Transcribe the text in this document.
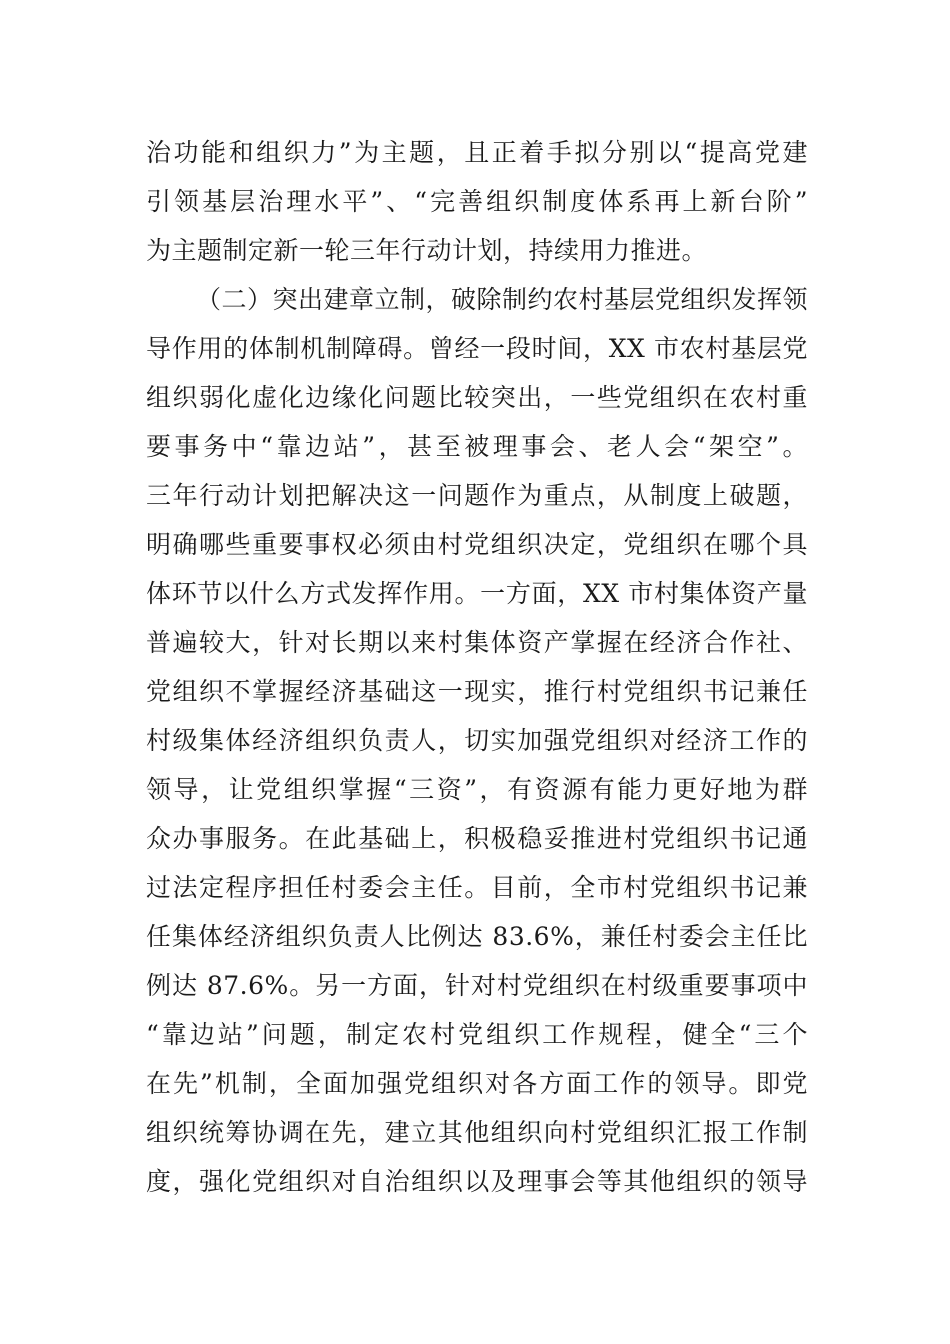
治功能和组织力”为主题，且正着手拟分别以“提高党建
引领基层治理水平”、“完善组织制度体系再上新台阶”
为主题制定新一轮三年行动计划，持续用力推进。
（二）突出建章立制，破除制约农村基层党组织发挥领
导作用的体制机制障碍。曾经一段时间，XX 市农村基层党
组织弱化虚化边缘化问题比较突出，一些党组织在农村重
要事务中“靠边站”，甚至被理事会、老人会“架空”。
三年行动计划把解决这一问题作为重点，从制度上破题，
明确哪些重要事权必须由村党组织决定，党组织在哪个具
体环节以什么方式发挥作用。一方面，XX 市村集体资产量
普遍较大，针对长期以来村集体资产掌握在经济合作社、
党组织不掌握经济基础这一现实，推行村党组织书记兼任
村级集体经济组织负责人，切实加强党组织对经济工作的
领导，让党组织掌握“三资”，有资源有能力更好地为群
众办事服务。在此基础上，积极稳妥推进村党组织书记通
过法定程序担任村委会主任。目前，全市村党组织书记兼
任集体经济组织负责人比例达 83.6%，兼任村委会主任比
例达 87.6%。另一方面，针对村党组织在村级重要事项中
“靠边站”问题，制定农村党组织工作规程，健全“三个
在先”机制，全面加强党组织对各方面工作的领导。即党
组织统筹协调在先，建立其他组织向村党组织汇报工作制
度，强化党组织对自治组织以及理事会等其他组织的领导
